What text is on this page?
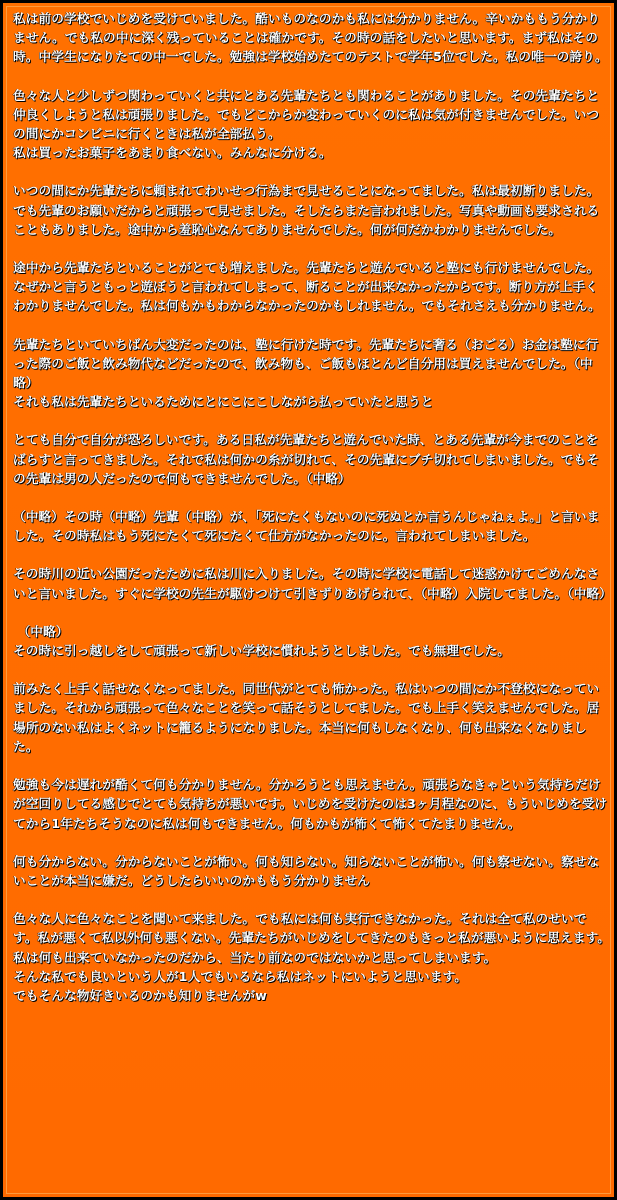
私は前の学校でいじめを受けていました。酷いものなのかも私には分かりません。辛いかももう分かりません。でも私の中に深く残っていることは確かです。その時の話をしたいと思います。まず私はその時。中学生になりたての中一でした。勉強は学校始めたてのテストで学年5位でした。私の唯一の誇り。

色々な人と少しずつ関わっていくと共にとある先輩たちとも関わることがありました。その先輩たちと仲良くしようと私は頑張りました。でもどこからか変わっていくのに私は気が付きませんでした。いつの間にかコンビニに行くときは私が全部払う。
私は買ったお菓子をあまり食べない。みんなに分ける。

いつの間にか先輩たちに頼まれてわいせつ行為まで見せることになってました。私は最初断りました。でも先輩のお願いだからと頑張って見せました。そしたらまた言われました。写真や動画も要求されることもありました。途中から羞恥心なんてありませんでした。何が何だかわかりませんでした。

途中から先輩たちといることがとても増えました。先輩たちと遊んでいると塾にも行けませんでした。なぜかと言うともっと遊ぼうと言われてしまって、断ることが出来なかったからです。断り方が上手くわかりませんでした。私は何もかもわからなかったのかもしれません。でもそれさえも分かりません。

先輩たちといていちばん大変だったのは、塾に行けた時です。先輩たちに奢る（おごる）お金は塾に行った際のご飯と飲み物代などだったので、飲み物も、ご飯もほとんど自分用は買えませんでした。（中略）
それも私は先輩たちといるためにとにこにこしながら払っていたと思うと

とても自分で自分が恐ろしいです。ある日私が先輩たちと遊んでいた時、とある先輩が今までのことをばらすと言ってきました。それで私は何かの糸が切れて、その先輩にブチ切れてしまいました。でもその先輩は男の人だったので何もできませんでした。（中略）

（中略）その時（中略）先輩（中略）が、「死にたくもないのに死ぬとか言うんじゃねぇよ。」と言いました。その時私はもう死にたくて死にたくて仕方がなかったのに。言われてしまいました。

その時川の近い公園だったために私は川に入りました。その時に学校に電話して迷惑かけてごめんなさいと言いました。すぐに学校の先生が駆けつけて引きずりあげられて、（中略）入院してました。（中略）

（中略）
その時に引っ越しをして頑張って新しい学校に慣れようとしました。でも無理でした。

前みたく上手く話せなくなってました。同世代がとても怖かった。私はいつの間にか不登校になっていました。それから頑張って色々なことを笑って話そうとしてました。でも上手く笑えませんでした。居場所のない私はよくネットに籠るようになりました。本当に何もしなくなり、何も出来なくなりました。

勉強も今は遅れが酷くて何も分かりません。分かろうとも思えません。頑張らなきゃという気持ちだけが空回りしてる感じでとても気持ちが悪いです。いじめを受けたのは3ヶ月程なのに、もういじめを受けてから1年たちそうなのに私は何もできません。何もかもが怖くて怖くてたまりません。

何も分からない。分からないことが怖い。何も知らない。知らないことが怖い。何も察せない。察せないことが本当に嫌だ。どうしたらいいのかももう分かりません

色々な人に色々なことを聞いて来ました。でも私には何も実行できなかった。それは全て私のせいです。私が悪くて私以外何も悪くない。先輩たちがいじめをしてきたのもきっと私が悪いように思えます。私は何も出来ていなかったのだから、当たり前なのではないかと思ってしまいます。
そんな私でも良いという人が1人でもいるなら私はネットにいようと思います。
でもそんな物好きいるのかも知りませんがw
